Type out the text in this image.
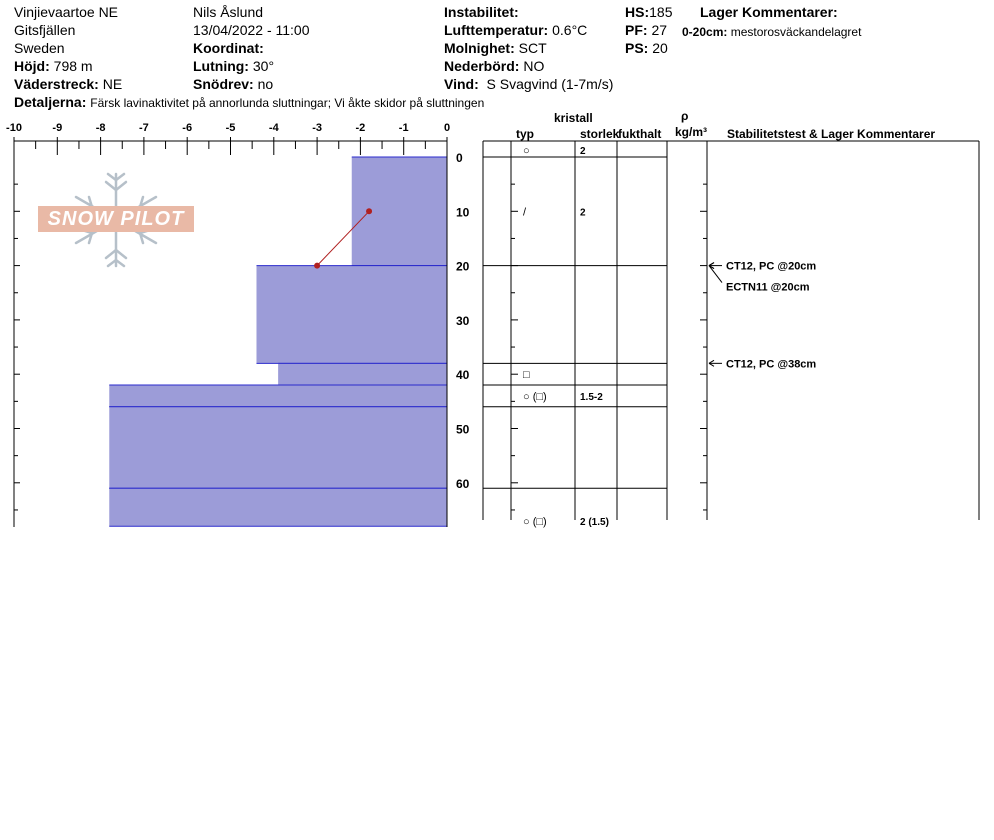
Vinjievaartoe NE
Gitsfjällen
Sweden
Höjd: 798 m
Väderstreck: NE
Nils Åslund
13/04/2022 - 11:00
Koordinat:
Lutning: 30°
Snödrev: no
Instabilitet:
Lufttemperatur: 0.6°C
Molnighet: SCT
Nederbörd: NO
Vind: S Svagvind (1-7m/s)
HS:185
PF: 27
PS: 20
Lager Kommentarer:
0-20cm: mestorosväckandelagret
Detaljerna: Färsk lavinaktivitet på annorlunda sluttningar; Vi åkte skidor på sluttningen
kristall
typ	storlek
fukthalt
ρ
kg/m³ Stabilitetstest & Lager Kommentarer
SNOW PILOT
-10	-9	-8	-7	-6	-5	-4	-3	-2	-1	0
0
10
20
30
40
50
60
○	2
/	2
□
○ (□)	1.5-2
○ (□)	2 (1.5)
CT12, PC @20cm
ECTN11 @20cm
CT12, PC @38cm
